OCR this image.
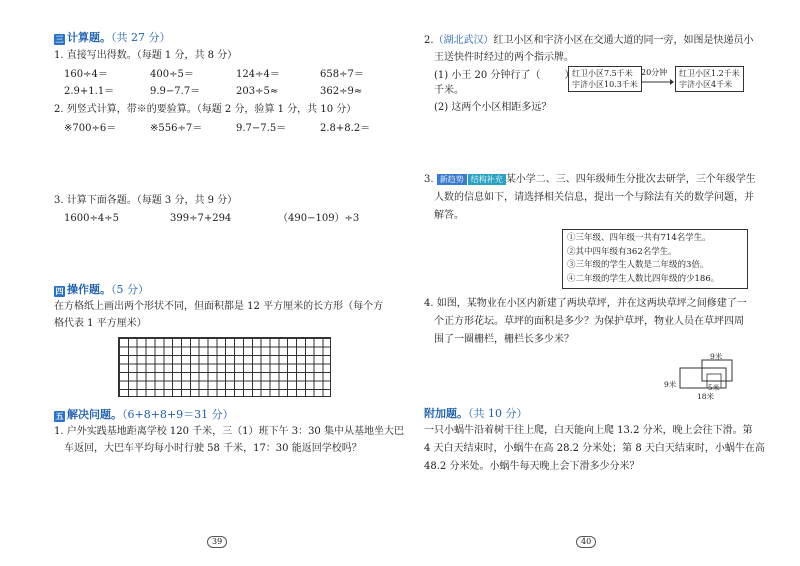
三 计算题。（共 27 分）
1. 直接写出得数。（每题 1 分，共 8 分）
160÷4＝	400÷5＝	124÷4＝	658÷7＝
2.9+1.1＝	9.9−7.7＝	203÷5≈	362÷9≈
2. 列竖式计算，带※的要验算。（每题 2 分，验算 1 分，共 10 分）
※700÷6＝	※556÷7＝	9.7−7.5＝	2.8+8.2＝
3. 计算下面各题。（每题 3 分，共 9 分）
1600÷4÷5	399÷7+294	（490−109）÷3
四 操作题。（5 分）
在方格纸上画出两个形状不同，但面积都是 12 平方厘米的长方形（每个方
格代表 1 平方厘米）
五 解决问题。（6+8+8+9＝31 分）
1. 户外实践基地距离学校 120 千米，三（1）班下午 3：30 集中从基地坐大巴
车返回，大巴车平均每小时行驶 58 千米，17：30 能返回学校吗？
39
2.（湖北武汉）红卫小区和宇济小区在交通大道的同一旁，如图是快递员小
王送快件时经过的两个指示牌。
(1) 小王 20 分钟行了（ ）
千米。
(2) 这两个小区相距多远？
红卫小区7.5千米
宇济小区10.3千米
20分钟 红卫小区1.2千米
宇济小区4千米
3. 新趋势 结构补充 某小学二、三、四年级师生分批次去研学，三个年级学生
人数的信息如下，请选择相关信息，提出一个与除法有关的数学问题，并
解答。
①三年级、四年级一共有714名学生。
②其中四年级有362名学生。
③三年级的学生人数是二年级的3倍。
④二年级的学生人数比四年级的少186。
4. 如图，某物业在小区内新建了两块草坪，并在这两块草坪之间修建了一
个正方形花坛。草坪的面积是多少？为保护草坪，物业人员在草坪四周
围了一圈栅栏，栅栏长多少米？
9米
9米	5米
18米
附加题。（共 10 分）
一只小蜗牛沿着树干往上爬，白天能向上爬 13.2 分米，晚上会往下滑。第
4 天白天结束时，小蜗牛在高 28.2 分米处；第 8 天白天结束时，小蜗牛在高
48.2 分米处。小蜗牛每天晚上会下滑多少分米？
40
